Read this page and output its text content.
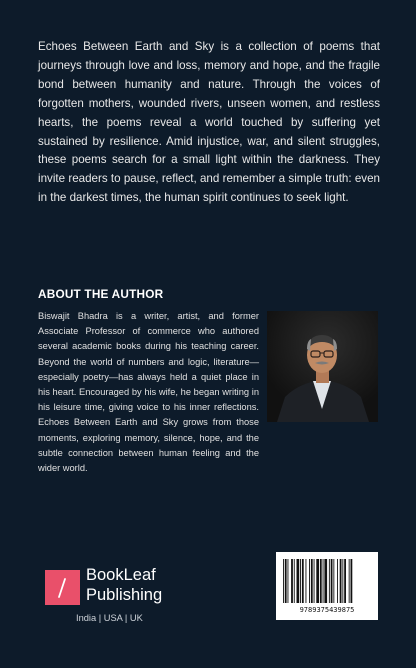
Echoes Between Earth and Sky is a collection of poems that journeys through love and loss, memory and hope, and the fragile bond between humanity and nature. Through the voices of forgotten mothers, wounded rivers, unseen women, and restless hearts, the poems reveal a world touched by suffering yet sustained by resilience. Amid injustice, war, and silent struggles, these poems search for a small light within the darkness. They invite readers to pause, reflect, and remember a simple truth: even in the darkest times, the human spirit continues to seek light.

ABOUT THE AUTHOR

Biswajit Bhadra is a writer, artist, and former Associate Professor of commerce who authored several academic books during his teaching career. Beyond the world of numbers and logic, literature—especially poetry—has always held a quiet place in his heart. Encouraged by his wife, he began writing in his leisure time, giving voice to his inner reflections. Echoes Between Earth and Sky grows from those moments, exploring memory, silence, hope, and the subtle connection between human feeling and the wider world.

9789375439875

BookLeaf

Publishing

India | USA | UK
